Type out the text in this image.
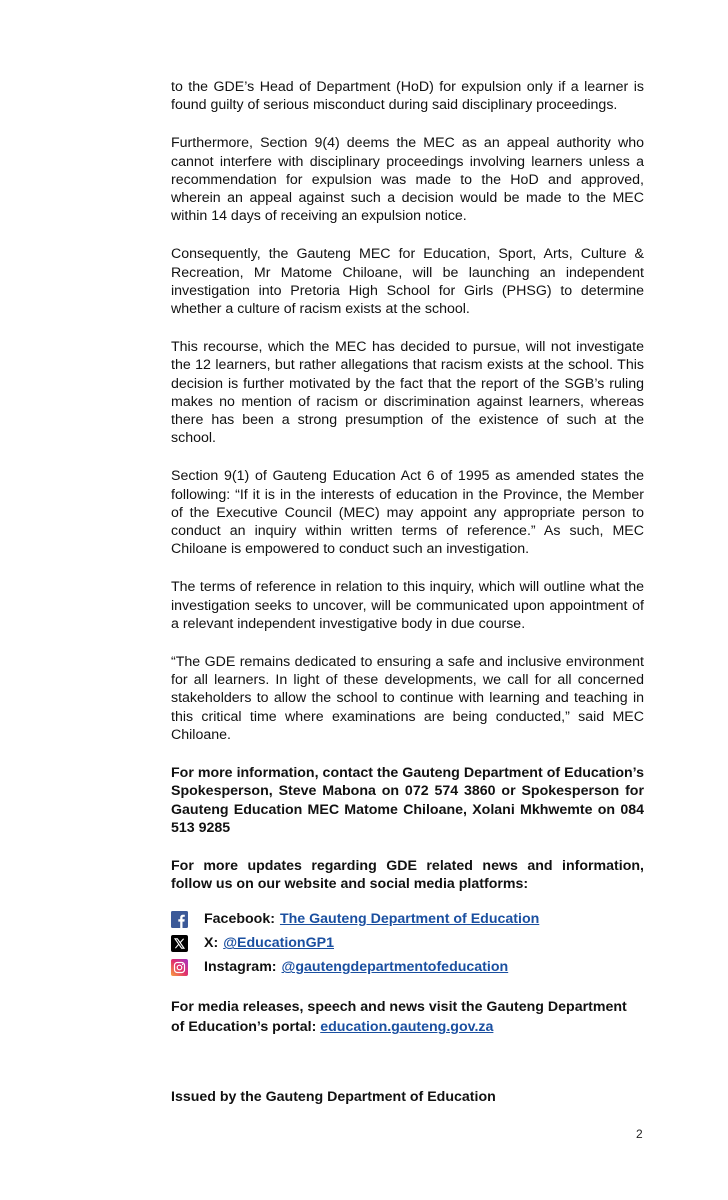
to the GDE’s Head of Department (HoD) for expulsion only if a learner is found guilty of serious misconduct during said disciplinary proceedings.

Furthermore, Section 9(4) deems the MEC as an appeal authority who cannot interfere with disciplinary proceedings involving learners unless a recommendation for expulsion was made to the HoD and approved, wherein an appeal against such a decision would be made to the MEC within 14 days of receiving an expulsion notice.

Consequently, the Gauteng MEC for Education, Sport, Arts, Culture & Recreation, Mr Matome Chiloane, will be launching an independent investigation into Pretoria High School for Girls (PHSG) to determine whether a culture of racism exists at the school.

This recourse, which the MEC has decided to pursue, will not investigate the 12 learners, but rather allegations that racism exists at the school. This decision is further motivated by the fact that the report of the SGB’s ruling makes no mention of racism or discrimination against learners, whereas there has been a strong presumption of the existence of such at the school.

Section 9(1) of Gauteng Education Act 6 of 1995 as amended states the following: “If it is in the interests of education in the Province, the Member of the Executive Council (MEC) may appoint any appropriate person to conduct an inquiry within written terms of reference.” As such, MEC Chiloane is empowered to conduct such an investigation.

The terms of reference in relation to this inquiry, which will outline what the investigation seeks to uncover, will be communicated upon appointment of a relevant independent investigative body in due course.

“The GDE remains dedicated to ensuring a safe and inclusive environment for all learners. In light of these developments, we call for all concerned stakeholders to allow the school to continue with learning and teaching in this critical time where examinations are being conducted,” said MEC Chiloane.

For more information, contact the Gauteng Department of Education’s Spokesperson, Steve Mabona on 072 574 3860 or Spokesperson for Gauteng Education MEC Matome Chiloane, Xolani Mkhwemte on 084 513 9285

For more updates regarding GDE related news and information, follow us on our website and social media platforms:

Facebook: The Gauteng Department of Education
X: @EducationGP1
Instagram: @gautengdepartmentofeducation

For media releases, speech and news visit the Gauteng Department of Education’s portal: education.gauteng.gov.za

Issued by the Gauteng Department of Education

2
